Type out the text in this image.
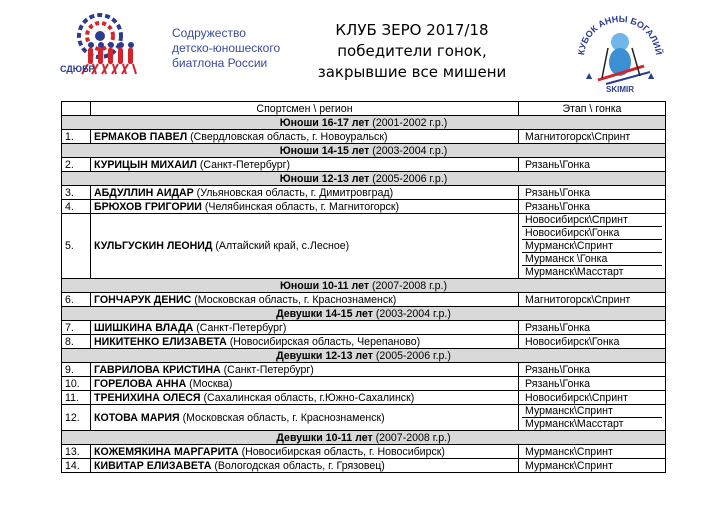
СДЮБР
Содружество
детско-юношеского
биатлона России
КЛУБ ЗЕРО 2017/18
победители гонок,
закрывшие все мишени
КУБОК АННЫ БОГАЛИЙ
▲	▲
SKIMIR
	Спортсмен \ регион	Этап \ гонка
Юноши 16-17 лет (2001-2002 г.р.)		
1.	ЕРМАКОВ ПАВЕЛ (Свердловская область, г. Новоуральск)	Магнитогорск\Спринт

Юноши 14-15 лет (2003-2004 г.р.)		
2.	КУРИЦЫН МИХАИЛ (Санкт-Петербург)	Рязань\Гонка

Юноши 12-13 лет (2005-2006 г.р.)		
3.	АБДУЛЛИН АИДАР (Ульяновская область, г. Димитровград)	Рязань\Гонка

4.	БРЮХОВ ГРИГОРИИ (Челябинская область, г. Магнитогорск)	Рязань\Гонка

5.	КУЛЬГУСКИН ЛЕОНИД (Алтайский край, с.Лесное)	Новосибирск\Спринт
Новосибирск\Гонка
Мурманск\Спринт
Мурманск \Гонка
Мурманск\Масстарт

Юноши 10-11 лет (2007-2008 г.р.)		
6.	ГОНЧАРУК ДЕНИС (Московская область, г. Краснознаменск)	Магнитогорск\Спринт

Девушки 14-15 лет (2003-2004 г.р.)		
7.	ШИШКИНА ВЛАДА (Санкт-Петербург)	Рязань\Гонка

8.	НИКИТЕНКО ЕЛИЗАВЕТА (Новосибирская область, Черепаново)	Новосибирск\Гонка

Девушки 12-13 лет (2005-2006 г.р.)		
9.	ГАВРИЛОВА КРИСТИНА (Санкт-Петербург)	Рязань\Гонка

10.	ГОРЕЛОВА АННА (Москва)	Рязань\Гонка

11.	ТРЕНИХИНА ОЛЕСЯ (Сахалинская область, г.Южно-Сахалинск)	Новосибирск\Спринт

12.	КОТОВА МАРИЯ (Московская область, г. Краснознаменск)	Мурманск\Спринт
Мурманск\Масстарт

Девушки 10-11 лет (2007-2008 г.р.)		
13.	КОЖЕМЯКИНА МАРГАРИТА (Новосибирская область, г. Новосибирск)	Мурманск\Спринт

14.	КИВИТАР ЕЛИЗАВЕТА (Вологодская область, г. Грязовец)	Мурманск\Спринт
